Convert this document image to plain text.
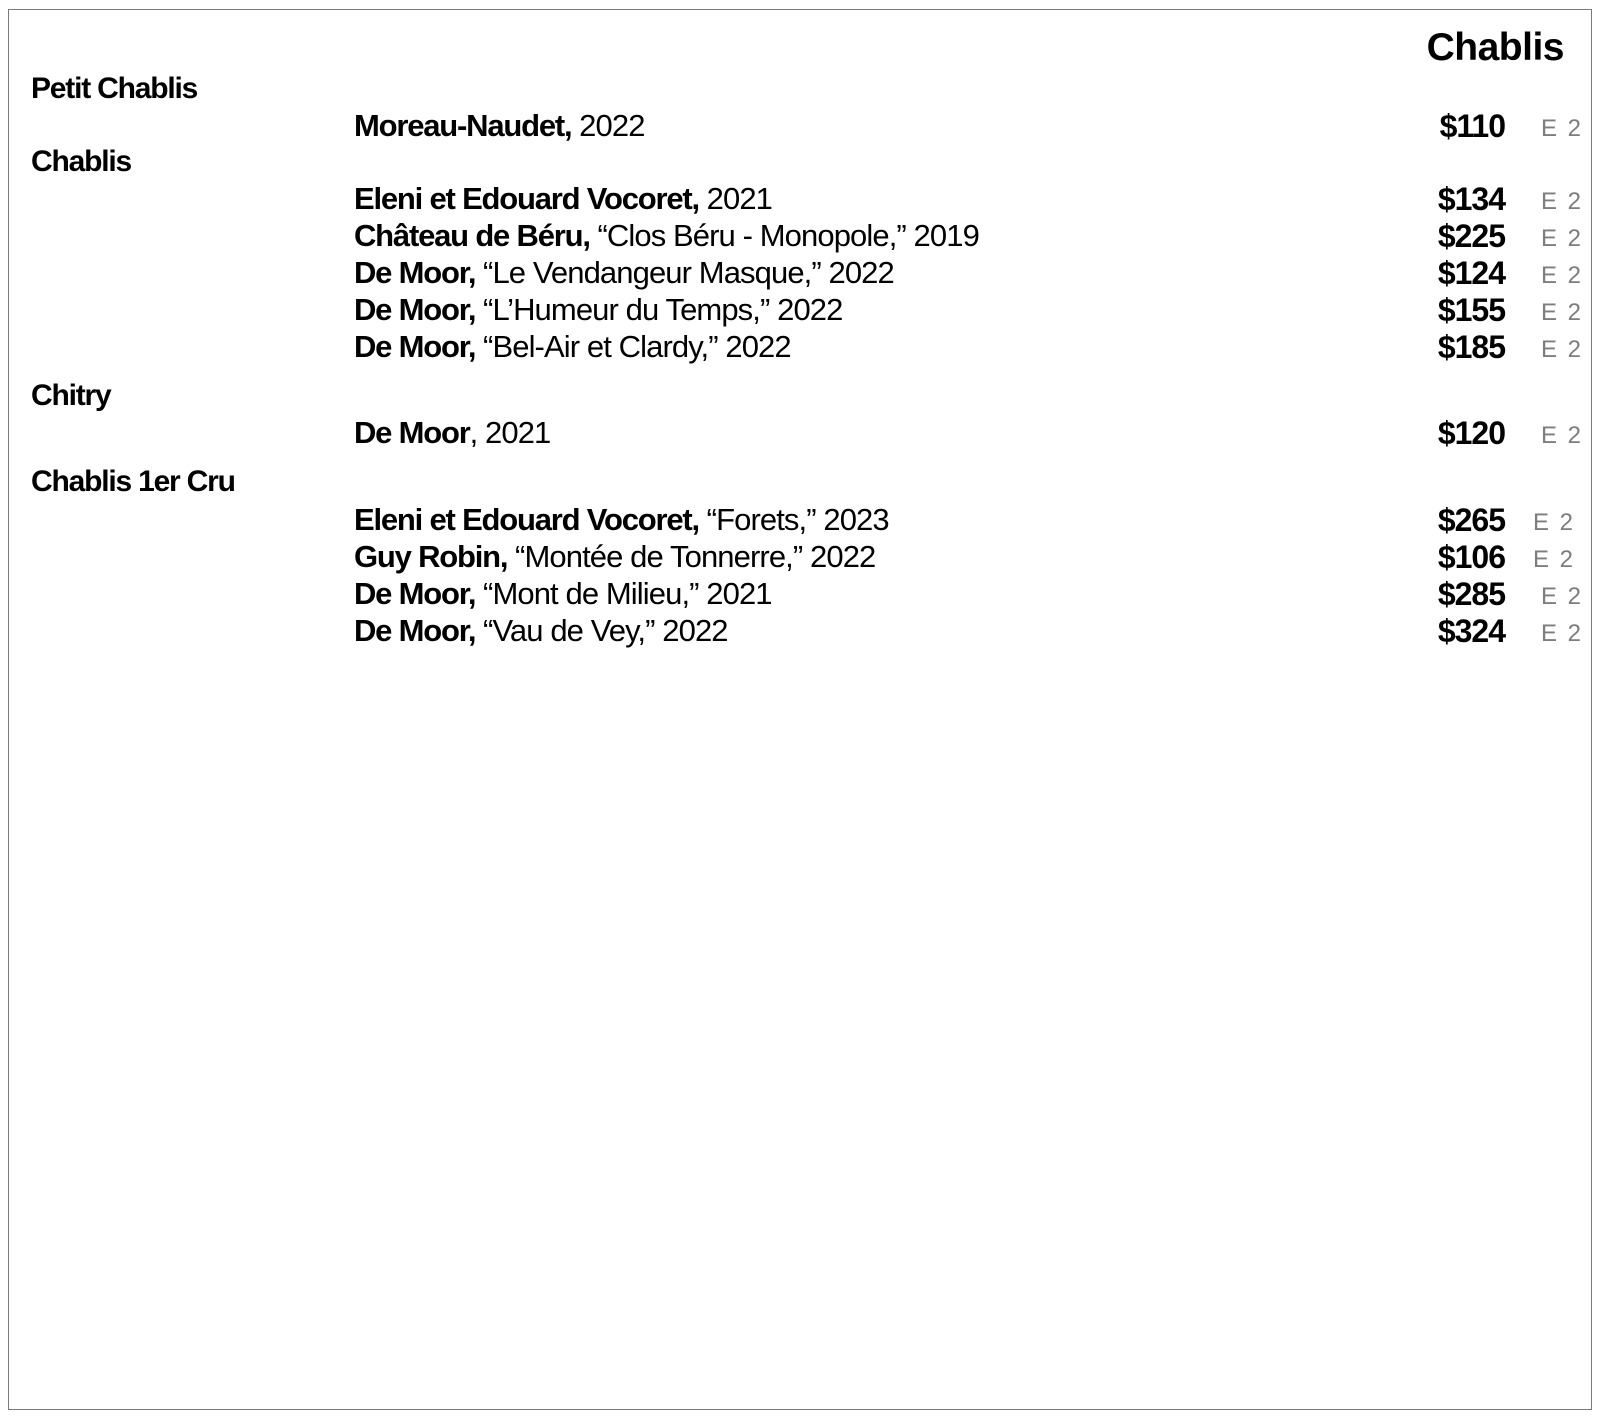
Chablis
Petit Chablis
Moreau-Naudet, 2022	$110 E 2
Chablis
Eleni et Edouard Vocoret, 2021	$134 E 2
Château de Béru, “Clos Béru - Monopole,” 2019	$225 E 2
De Moor, “Le Vendangeur Masque,” 2022	$124 E 2
De Moor, “L’Humeur du Temps,” 2022	$155 E 2
De Moor, “Bel-Air et Clardy,” 2022	$185 E 2
Chitry
De Moor, 2021	$120 E 2
Chablis 1er Cru
Eleni et Edouard Vocoret, “Forets,” 2023	$265 E 2
Guy Robin, “Montée de Tonnerre,” 2022	$106 E 2
De Moor, “Mont de Milieu,” 2021	$285 E 2
De Moor, “Vau de Vey,” 2022	$324 E 2
